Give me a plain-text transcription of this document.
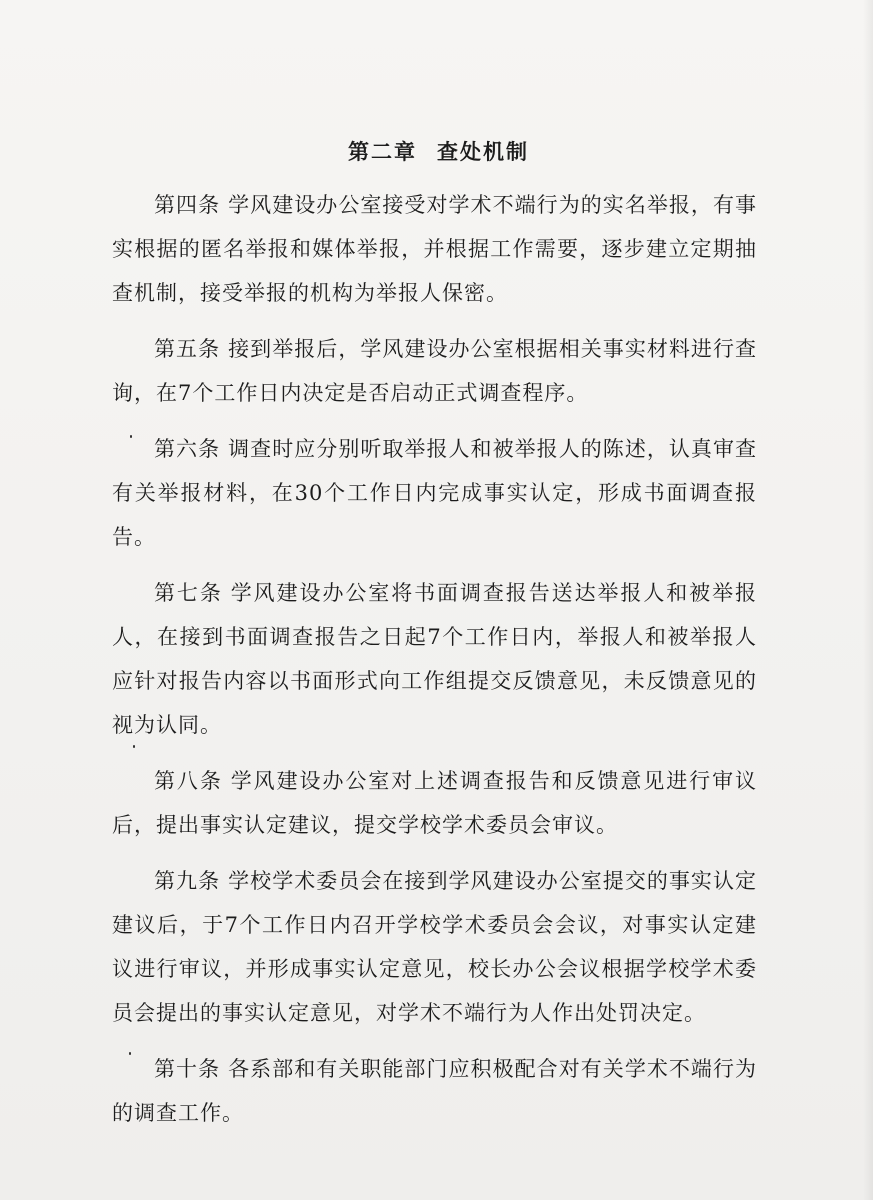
第二章 查处机制

第四条 学风建设办公室接受对学术不端行为的实名举报，有事实根据的匿名举报和媒体举报，并根据工作需要，逐步建立定期抽查机制，接受举报的机构为举报人保密。

第五条 接到举报后，学风建设办公室根据相关事实材料进行查询，在7个工作日内决定是否启动正式调查程序。

第六条 调查时应分别听取举报人和被举报人的陈述，认真审查有关举报材料，在30个工作日内完成事实认定，形成书面调查报告。

第七条 学风建设办公室将书面调查报告送达举报人和被举报人，在接到书面调查报告之日起7个工作日内，举报人和被举报人应针对报告内容以书面形式向工作组提交反馈意见，未反馈意见的视为认同。

第八条 学风建设办公室对上述调查报告和反馈意见进行审议后，提出事实认定建议，提交学校学术委员会审议。

第九条 学校学术委员会在接到学风建设办公室提交的事实认定建议后，于7个工作日内召开学校学术委员会会议，对事实认定建议进行审议，并形成事实认定意见，校长办公会议根据学校学术委员会提出的事实认定意见，对学术不端行为人作出处罚决定。

第十条 各系部和有关职能部门应积极配合对有关学术不端行为的调查工作。
